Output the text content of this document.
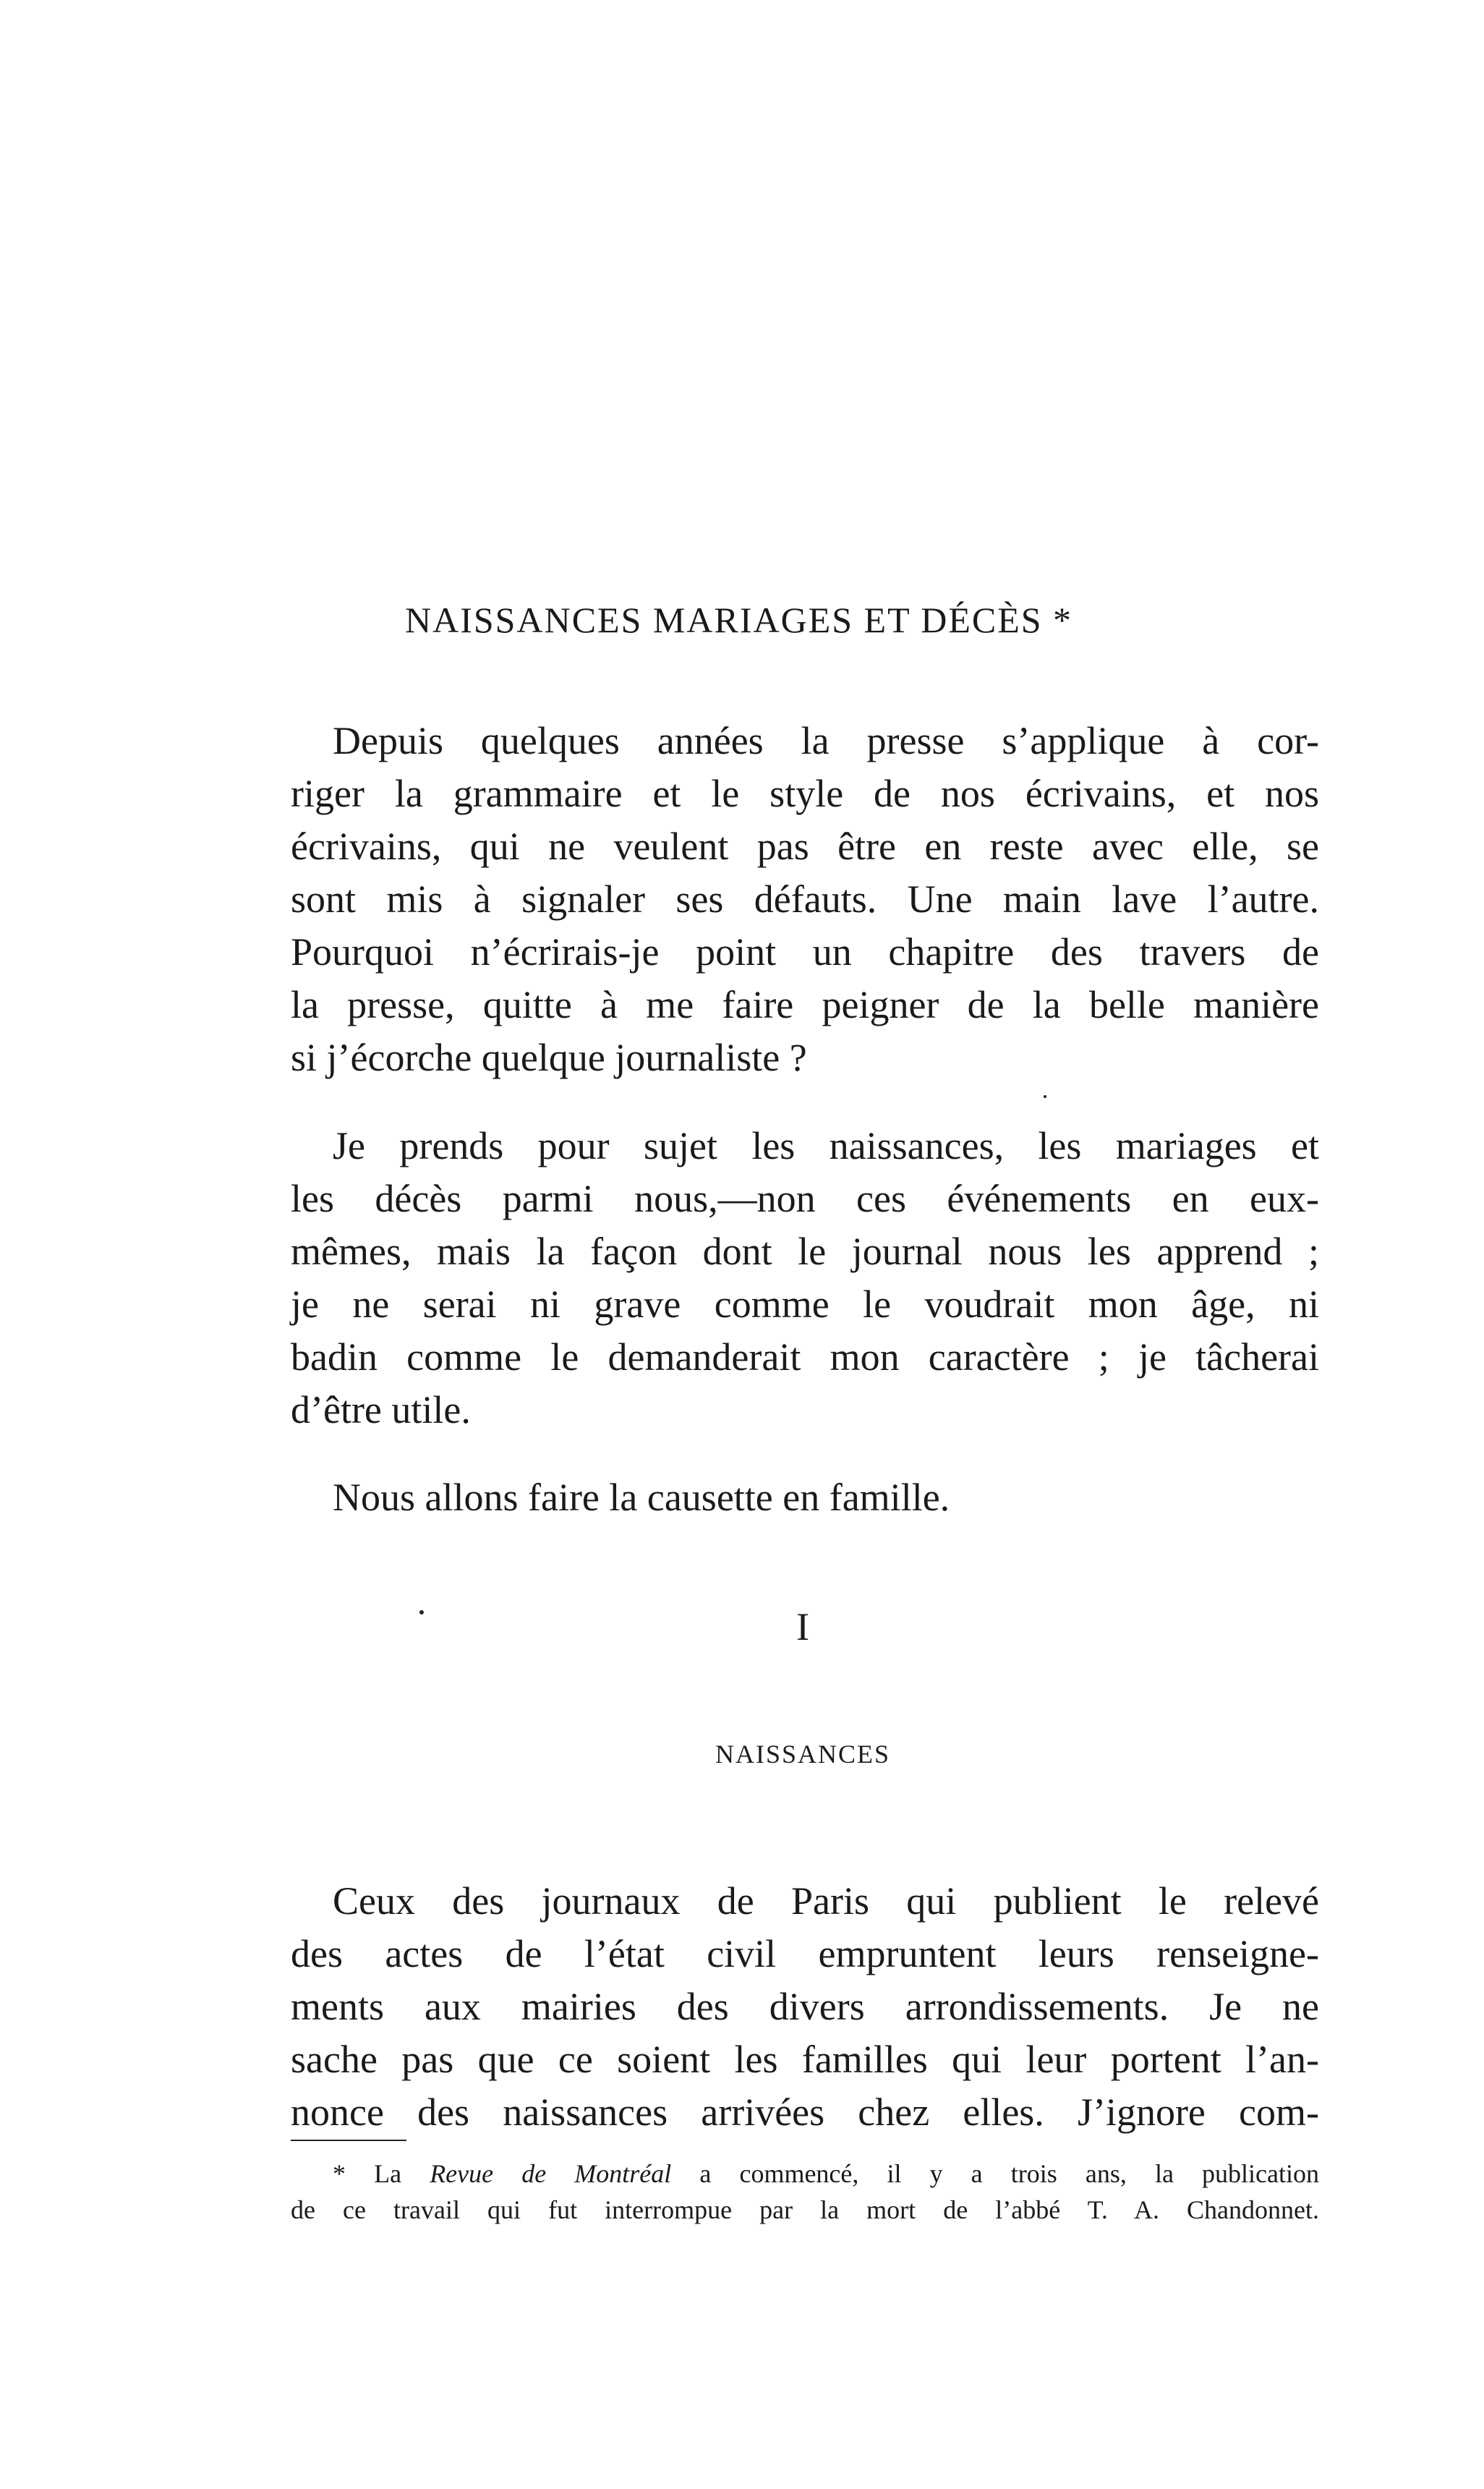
NAISSANCES MARIAGES ET DÉCÈS *
Depuis quelques années la presse s’applique à cor-
riger la grammaire et le style de nos écrivains, et nos
écrivains, qui ne veulent pas être en reste avec elle, se
sont mis à signaler ses défauts. Une main lave l’autre.
Pourquoi n’écrirais-je point un chapitre des travers de
la presse, quitte à me faire peigner de la belle manière
si j’écorche quelque journaliste ?
Je prends pour sujet les naissances, les mariages et
les décès parmi nous,—non ces événements en eux-
mêmes, mais la façon dont le journal nous les apprend ;
je ne serai ni grave comme le voudrait mon âge, ni
badin comme le demanderait mon caractère ; je tâcherai
d’être utile.
Nous allons faire la causette en famille.
I
NAISSANCES
Ceux des journaux de Paris qui publient le relevé
des actes de l’état civil empruntent leurs renseigne-
ments aux mairies des divers arrondissements. Je ne
sache pas que ce soient les familles qui leur portent l’an-
nonce des naissances arrivées chez elles. J’ignore com-
* La Revue de Montréal a commencé, il y a trois ans, la publication
de ce travail qui fut interrompue par la mort de l’abbé T. A. Chandonnet.
